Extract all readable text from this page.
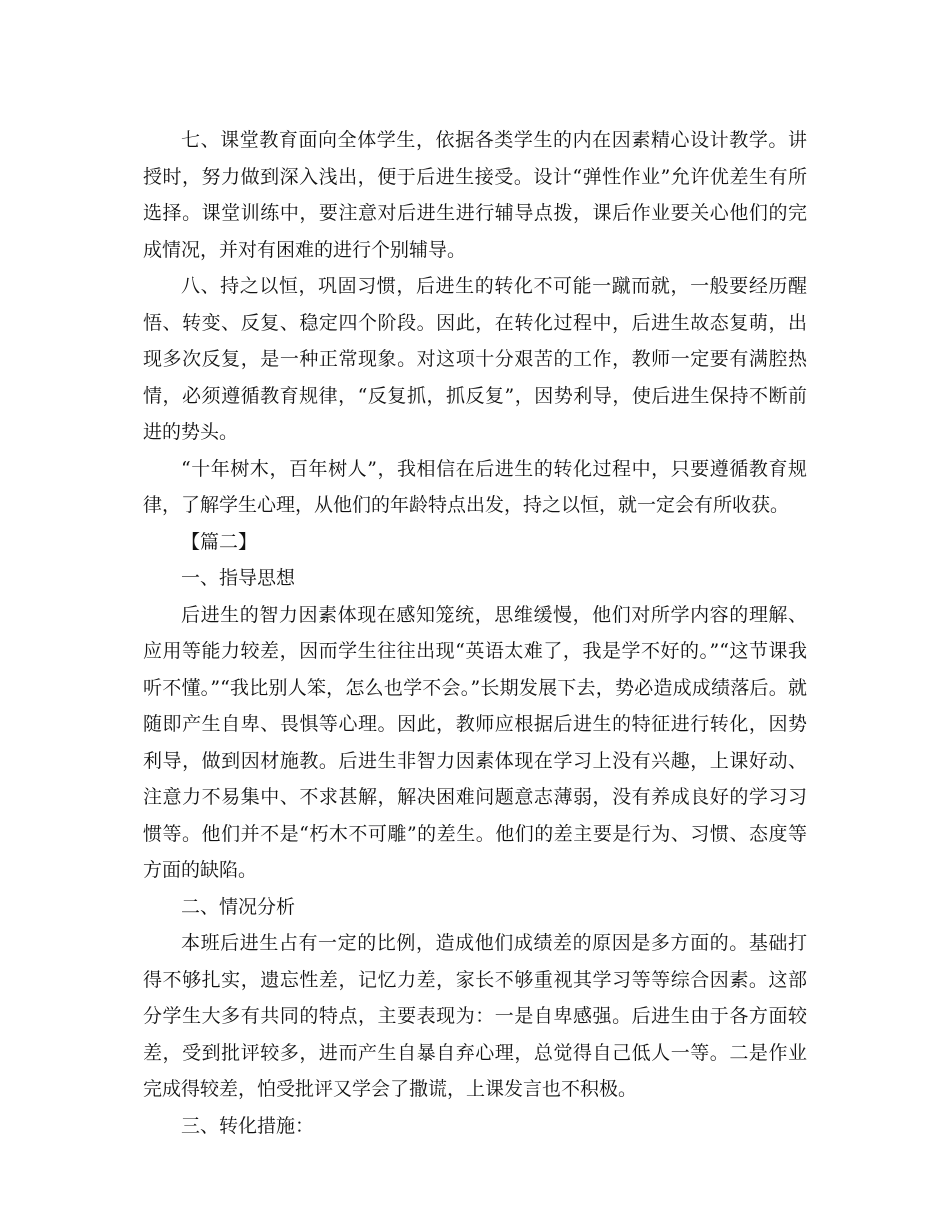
七、课堂教育面向全体学生，依据各类学生的内在因素精心设计教学。讲授时，努力做到深入浅出，便于后进生接受。设计“弹性作业”允许优差生有所选择。课堂训练中，要注意对后进生进行辅导点拨，课后作业要关心他们的完成情况，并对有困难的进行个别辅导。

八、持之以恒，巩固习惯，后进生的转化不可能一蹴而就，一般要经历醒悟、转变、反复、稳定四个阶段。因此，在转化过程中，后进生故态复萌，出现多次反复，是一种正常现象。对这项十分艰苦的工作，教师一定要有满腔热情，必须遵循教育规律，“反复抓，抓反复”，因势利导，使后进生保持不断前进的势头。

“十年树木，百年树人”，我相信在后进生的转化过程中，只要遵循教育规律，了解学生心理，从他们的年龄特点出发，持之以恒，就一定会有所收获。

【篇二】

一、指导思想

后进生的智力因素体现在感知笼统，思维缓慢，他们对所学内容的理解、应用等能力较差，因而学生往往出现“英语太难了，我是学不好的。”“这节课我听不懂。”“我比别人笨，怎么也学不会。”长期发展下去，势必造成成绩落后。就随即产生自卑、畏惧等心理。因此，教师应根据后进生的特征进行转化，因势利导，做到因材施教。后进生非智力因素体现在学习上没有兴趣，上课好动、注意力不易集中、不求甚解，解决困难问题意志薄弱，没有养成良好的学习习惯等。他们并不是“朽木不可雕”的差生。他们的差主要是行为、习惯、态度等方面的缺陷。

二、情况分析

本班后进生占有一定的比例，造成他们成绩差的原因是多方面的。基础打得不够扎实，遗忘性差，记忆力差，家长不够重视其学习等等综合因素。这部分学生大多有共同的特点，主要表现为：一是自卑感强。后进生由于各方面较差，受到批评较多，进而产生自暴自弃心理，总觉得自己低人一等。二是作业完成得较差，怕受批评又学会了撒谎，上课发言也不积极。

三、转化措施：
